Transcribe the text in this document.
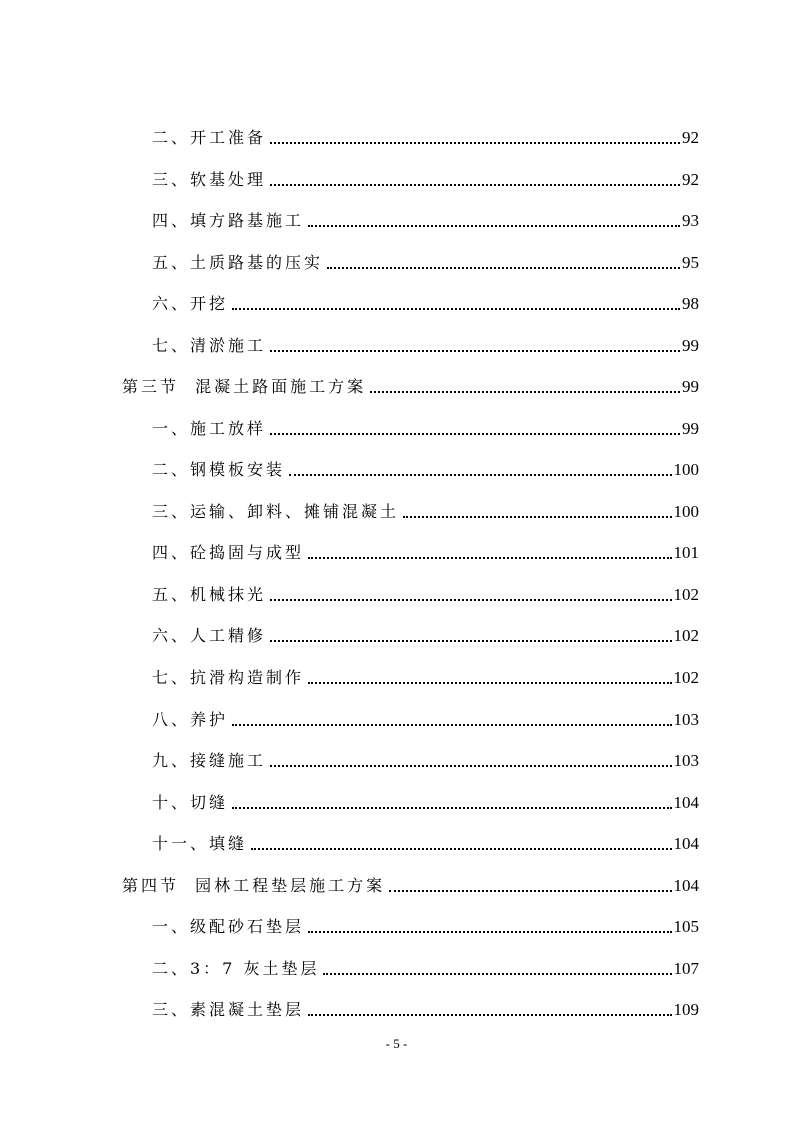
二、开工准备	92
三、软基处理	92
四、填方路基施工	93
五、土质路基的压实	95
六、开挖	98
七、清淤施工	99
第三节  混凝土路面施工方案	99
一、施工放样	99
二、钢模板安装	100
三、运输、卸料、摊铺混凝土	100
四、砼捣固与成型	101
五、机械抹光	102
六、人工精修	102
七、抗滑构造制作	102
八、养护	103
九、接缝施工	103
十、切缝	104
十一、填缝	104
第四节  园林工程垫层施工方案	104
一、级配砂石垫层	105
二、3：7 灰土垫层	107
三、素混凝土垫层	109
- 5 -
